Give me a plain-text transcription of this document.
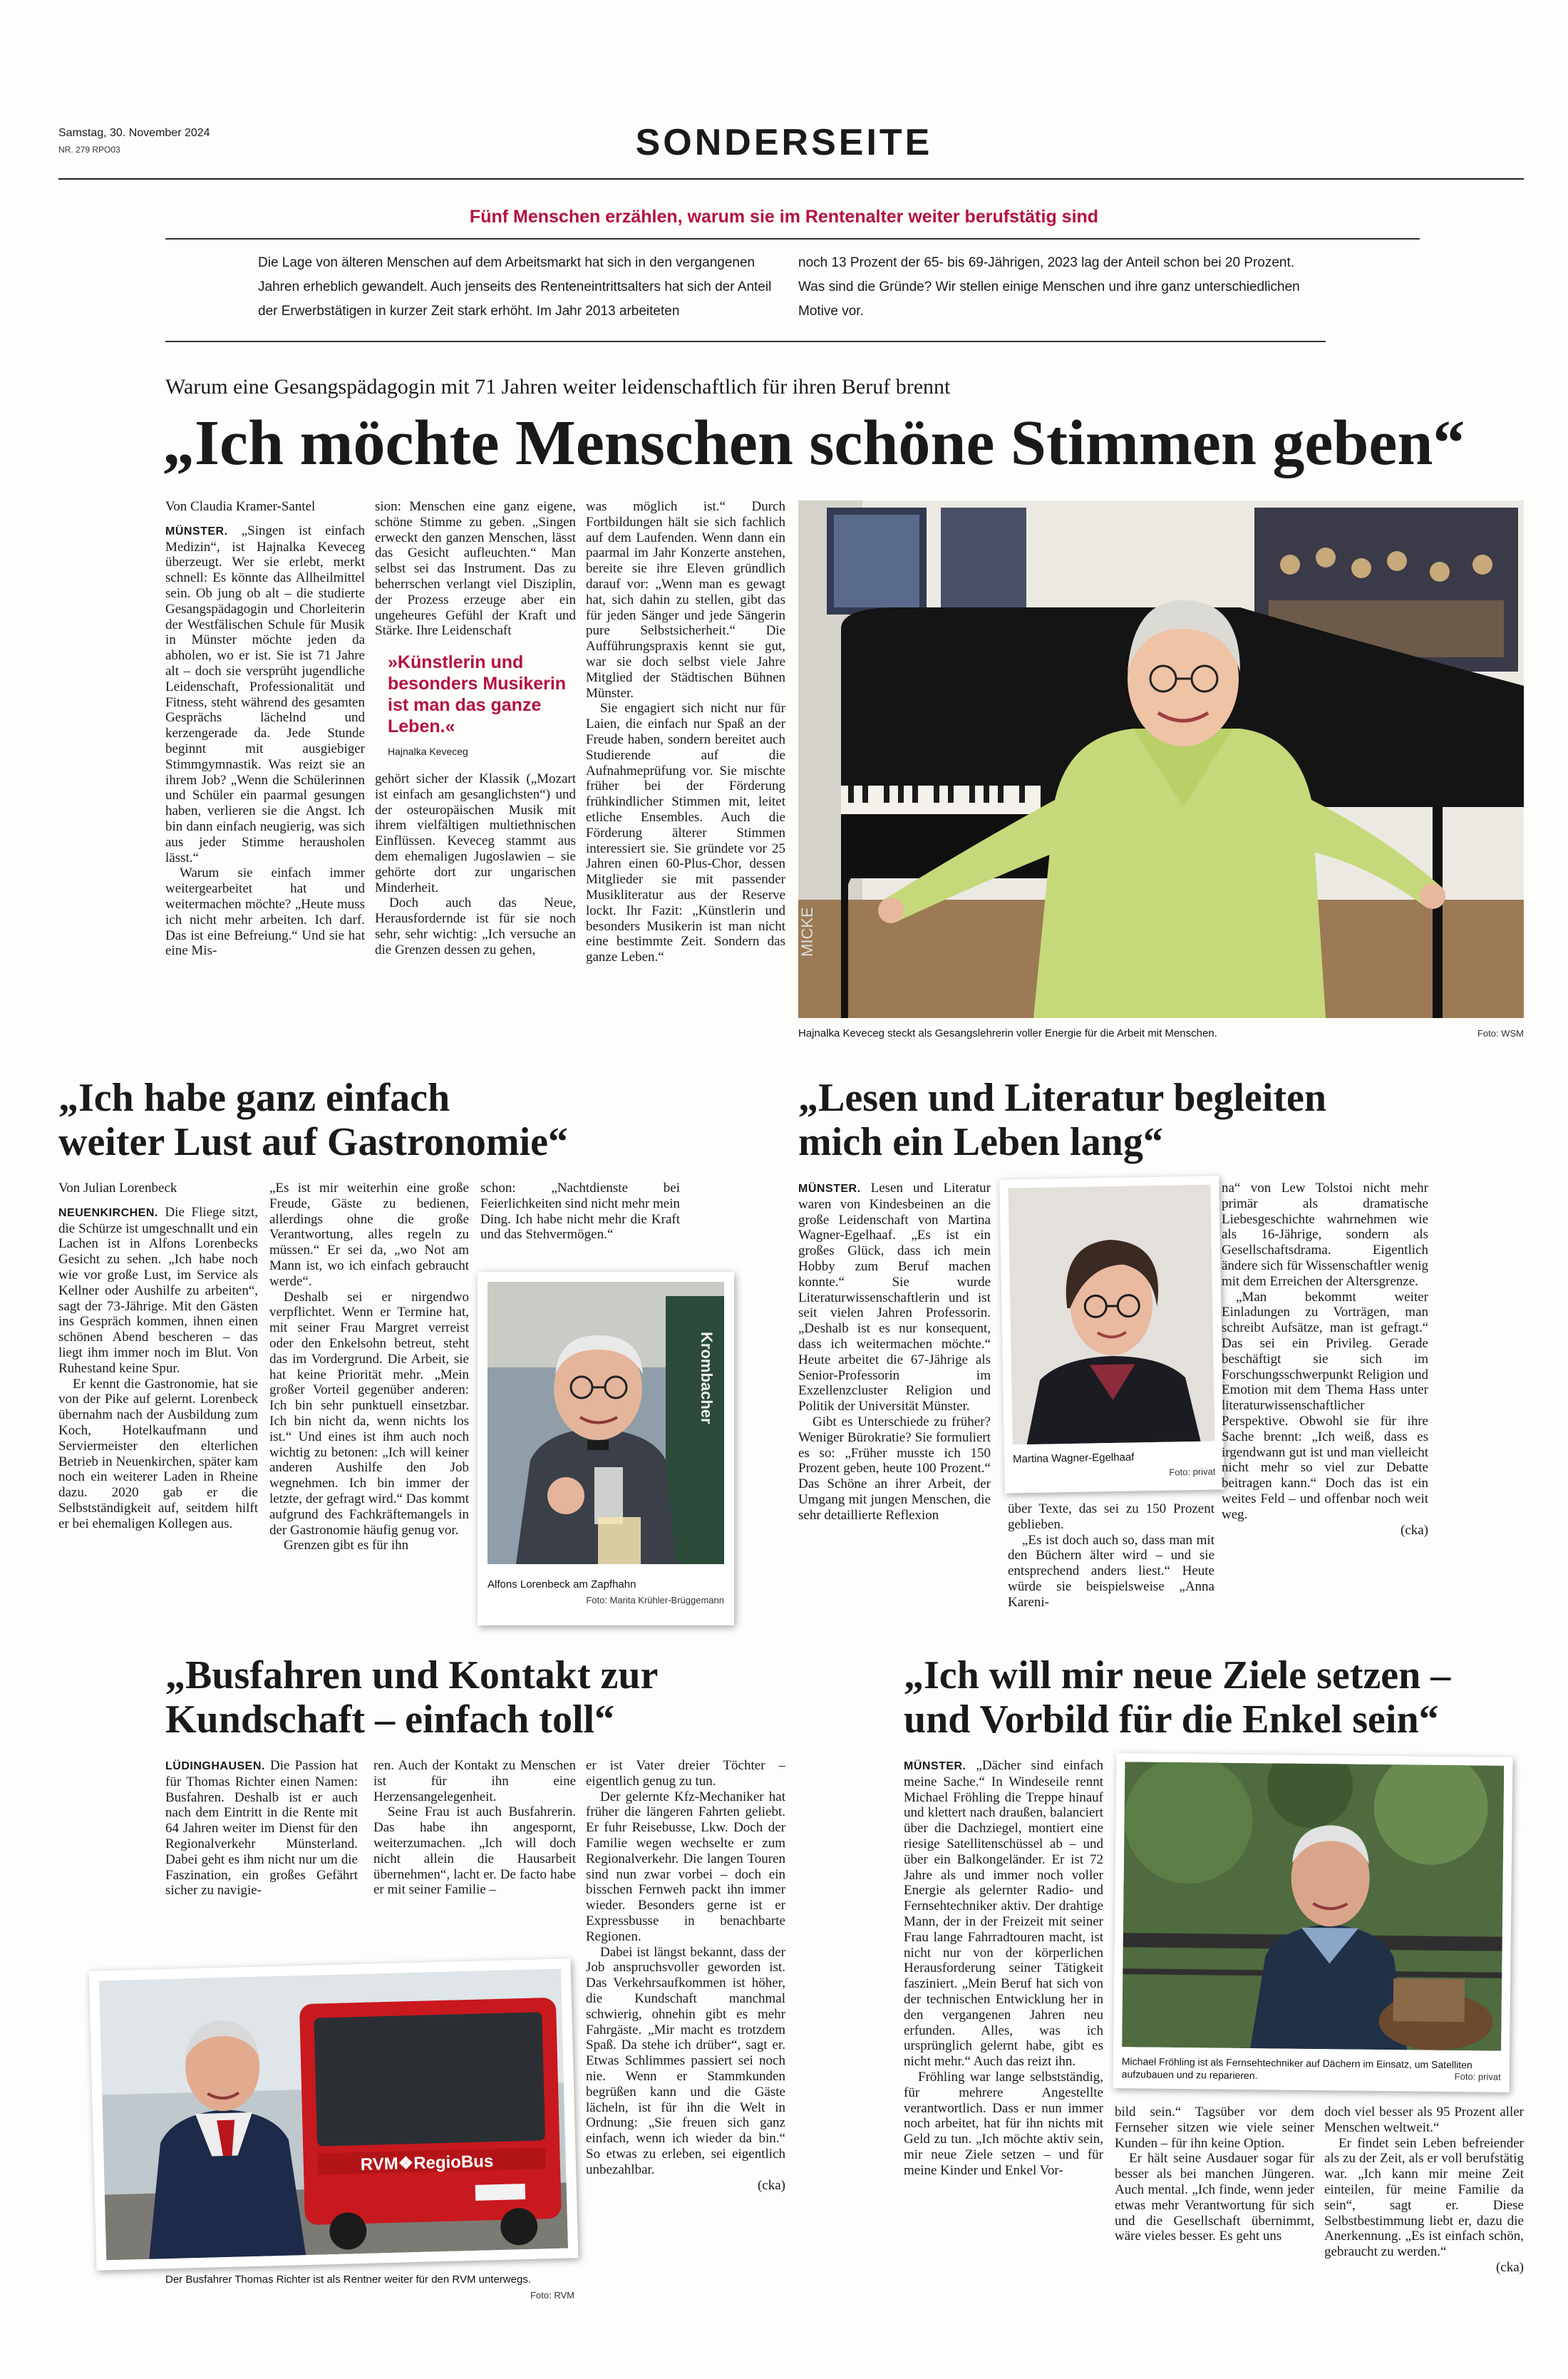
Samstag, 30. November 2024
NR. 279 RPO03	SONDERSEITE
Fünf Menschen erzählen, warum sie im Rentenalter weiter berufstätig sind
Die Lage von älteren Menschen auf dem Arbeitsmarkt hat sich in den vergangenen Jahren erheblich gewandelt. Auch jenseits des Renteneintrittsalters hat sich der Anteil der Erwerbstätigen in kurzer Zeit stark erhöht. Im Jahr 2013 arbeiteten
noch 13 Prozent der 65- bis 69-Jährigen, 2023 lag der Anteil schon bei 20 Prozent. Was sind die Gründe? Wir stellen einige Menschen und ihre ganz unterschiedlichen Motive vor.
Warum eine Gesangspädagogin mit 71 Jahren weiter leidenschaftlich für ihren Beruf brennt
„Ich möchte Menschen schöne Stimmen geben“
Von Claudia Kramer-Santel

MÜNSTER. „Singen ist einfach Medizin“, ist Hajnalka Keveceg überzeugt. Wer sie erlebt, merkt schnell: Es könnte das Allheilmittel sein. Ob jung ob alt – die studierte Gesangspädagogin und Chorleiterin der Westfälischen Schule für Musik in Münster möchte jeden da abholen, wo er ist. Sie ist 71 Jahre alt – doch sie versprüht jugendliche Leidenschaft, Professionalität und Fitness, steht während des gesamten Gesprächs lächelnd und kerzengerade da. Jede Stunde beginnt mit ausgiebiger Stimmgymnastik. Was reizt sie an ihrem Job? „Wenn die Schülerinnen und Schüler ein paarmal gesungen haben, verlieren sie die Angst. Ich bin dann einfach neugierig, was sich aus jeder Stimme herausholen lässt.“

Warum sie einfach immer weitergearbeitet hat und weitermachen möchte? „Heute muss ich nicht mehr arbeiten. Ich darf. Das ist eine Befreiung.“ Und sie hat eine Mis-

sion: Menschen eine ganz eigene, schöne Stimme zu geben. „Singen erweckt den ganzen Menschen, lässt das Gesicht aufleuchten.“ Man selbst sei das Instrument. Das zu beherrschen verlangt viel Disziplin, der Prozess erzeuge aber ein ungeheures Gefühl der Kraft und Stärke. Ihre Leidenschaft

»Künstlerin und besonders Musikerin ist man das ganze Leben.«
Hajnalka Keveceg

gehört sicher der Klassik („Mozart ist einfach am gesanglichsten“) und der osteuropäischen Musik mit ihrem vielfältigen multiethnischen Einflüssen. Keveceg stammt aus dem ehemaligen Jugoslawien – sie gehörte dort zur ungarischen Minderheit.

Doch auch das Neue, Herausfordernde ist für sie noch sehr, sehr wichtig: „Ich versuche an die Grenzen dessen zu gehen,

was möglich ist.“ Durch Fortbildungen hält sie sich fachlich auf dem Laufenden. Wenn dann ein paarmal im Jahr Konzerte anstehen, bereite sie ihre Eleven gründlich darauf vor: „Wenn man es gewagt hat, sich dahin zu stellen, gibt das für jeden Sänger und jede Sängerin pure Selbstsicherheit.“ Die Aufführungspraxis kennt sie gut, war sie doch selbst viele Jahre Mitglied der Städtischen Bühnen Münster.

Sie engagiert sich nicht nur für Laien, die einfach nur Spaß an der Freude haben, sondern bereitet auch Studierende auf die Aufnahmeprüfung vor. Sie mischte früher bei der Förderung frühkindlicher Stimmen mit, leitet etliche Ensembles. Auch die Förderung älterer Stimmen interessiert sie. Sie gründete vor 25 Jahren einen 60-Plus-Chor, dessen Mitglieder sie mit passender Musikliteratur aus der Reserve lockt. Ihr Fazit: „Künstlerin und besonders Musikerin ist man nicht eine bestimmte Zeit. Sondern das ganze Leben.“

MICKE
Hajnalka Keveceg steckt als Gesangslehrerin voller Energie für die Arbeit mit Menschen.	Foto: WSM
„Ich habe ganz einfach
weiter Lust auf Gastronomie“
Von Julian Lorenbeck

NEUENKIRCHEN. Die Fliege sitzt, die Schürze ist umgeschnallt und ein Lachen ist in Alfons Lorenbecks Gesicht zu sehen. „Ich habe noch wie vor große Lust, im Service als Kellner oder Aushilfe zu arbeiten“, sagt der 73-Jährige. Mit den Gästen ins Gespräch kommen, ihnen einen schönen Abend bescheren – das liegt ihm immer noch im Blut. Von Ruhestand keine Spur.

Er kennt die Gastronomie, hat sie von der Pike auf gelernt. Lorenbeck übernahm nach der Ausbildung zum Koch, Hotelkaufmann und Serviermeister den elterlichen Betrieb in Neuenkirchen, später kam noch ein weiterer Laden in Rheine dazu. 2020 gab er die Selbstständigkeit auf, seitdem hilft er bei ehemaligen Kollegen aus.

„Es ist mir weiterhin eine große Freude, Gäste zu bedienen, allerdings ohne die große Verantwortung, alles regeln zu müssen.“ Er sei da, „wo Not am Mann ist, wo ich einfach gebraucht werde“.

Deshalb sei er nirgendwo verpflichtet. Wenn er Termine hat, mit seiner Frau Margret verreist oder den Enkelsohn betreut, steht das im Vordergrund. Die Arbeit, sie hat keine Priorität mehr. „Mein großer Vorteil gegenüber anderen: Ich bin sehr punktuell einsetzbar. Ich bin nicht da, wenn nichts los ist.“ Und eines ist ihm auch noch wichtig zu betonen: „Ich will keiner anderen Aushilfe den Job wegnehmen. Ich bin immer der letzte, der gefragt wird.“ Das kommt aufgrund des Fachkräftemangels in der Gastronomie häufig genug vor.

Grenzen gibt es für ihn

schon: „Nachtdienste bei Feierlichkeiten sind nicht mehr mein Ding. Ich habe nicht mehr die Kraft und das Stehvermögen.“

Krombacher
Alfons Lorenbeck am Zapfhahn
Foto: Marita Krühler-Brüggemann
„Lesen und Literatur begleiten
mich ein Leben lang“

MÜNSTER. Lesen und Literatur waren von Kindesbeinen an die große Leidenschaft von Martina Wagner-Egelhaaf. „Es ist ein großes Glück, dass ich mein Hobby zum Beruf machen konnte.“ Sie wurde Literaturwissenschaftlerin und ist seit vielen Jahren Professorin. „Deshalb ist es nur konsequent, dass ich weitermachen möchte.“ Heute arbeitet die 67-Jährige als Senior-Professorin im Exzellenzcluster Religion und Politik der Universität Münster.

Gibt es Unterschiede zu früher? Weniger Bürokratie? Sie formuliert es so: „Früher musste ich 150 Prozent geben, heute 100 Prozent.“ Das Schöne an ihrer Arbeit, der Umgang mit jungen Menschen, die sehr detaillierte Reflexion

Martina Wagner-Egelhaaf
Foto: privat

über Texte, das sei zu 150 Prozent geblieben.

„Es ist doch auch so, dass man mit den Büchern älter wird – und sie entsprechend anders liest.“ Heute würde sie beispielsweise „Anna Kareni-

na“ von Lew Tolstoi nicht mehr primär als dramatische Liebesgeschichte wahrnehmen wie als 16-Jährige, sondern als Gesellschaftsdrama. Eigentlich ändere sich für Wissenschaftler wenig mit dem Erreichen der Altersgrenze.

„Man bekommt weiter Einladungen zu Vorträgen, man schreibt Aufsätze, man ist gefragt.“ Das sei ein Privileg. Gerade beschäftigt sie sich im Forschungsschwerpunkt Religion und Emotion mit dem Thema Hass unter literaturwissenschaftlicher Perspektive. Obwohl sie für ihre Sache brennt: „Ich weiß, dass es irgendwann gut ist und man vielleicht nicht mehr so viel zur Debatte beitragen kann.“ Doch das ist ein weites Feld – und offenbar noch weit weg.

(cka)

„Busfahren und Kontakt zur
Kundschaft – einfach toll“

LÜDINGHAUSEN. Die Passion hat für Thomas Richter einen Namen: Busfahren. Deshalb ist er auch nach dem Eintritt in die Rente mit 64 Jahren weiter im Dienst für den Regionalverkehr Münsterland. Dabei geht es ihm nicht nur um die Faszination, ein großes Gefährt sicher zu navigie-

ren. Auch der Kontakt zu Menschen ist für ihn eine Herzensangelegenheit.

Seine Frau ist auch Busfahrerin. Das habe ihn angespornt, weiterzumachen. „Ich will doch nicht allein die Hausarbeit übernehmen“, lacht er. De facto habe er mit seiner Familie –

er ist Vater dreier Töchter – eigentlich genug zu tun.

Der gelernte Kfz-Mechaniker hat früher die längeren Fahrten geliebt. Er fuhr Reisebusse, Lkw. Doch der Familie wegen wechselte er zum Regionalverkehr. Die langen Touren sind nun zwar vorbei – doch ein bisschen Fernweh packt ihn immer wieder. Besonders gerne ist er Expressbusse in benachbarte Regionen.

Dabei ist längst bekannt, dass der Job anspruchsvoller geworden ist. Das Verkehrsaufkommen ist höher, die Kundschaft manchmal schwierig, ohnehin gibt es mehr Fahrgäste. „Mir macht es trotzdem Spaß. Da stehe ich drüber“, sagt er. Etwas Schlimmes passiert sei noch nie. Wenn er Stammkunden begrüßen kann und die Gäste lächeln, ist für ihn die Welt in Ordnung: „Sie freuen sich ganz einfach, wenn ich wieder da bin.“ So etwas zu erleben, sei eigentlich unbezahlbar.

(cka)

RVM❖RegioBus
Der Busfahrer Thomas Richter ist als Rentner weiter für den RVM unterwegs.
Foto: RVM
„Ich will mir neue Ziele setzen –
und Vorbild für die Enkel sein“

MÜNSTER. „Dächer sind einfach meine Sache.“ In Windeseile rennt Michael Fröhling die Treppe hinauf und klettert nach draußen, balanciert über die Dachziegel, montiert eine riesige Satellitenschüssel ab – und über ein Balkongeländer. Er ist 72 Jahre als und immer noch voller Energie als gelernter Radio- und Fernsehtechniker aktiv. Der drahtige Mann, der in der Freizeit mit seiner Frau lange Fahrradtouren macht, ist nicht nur von der körperlichen Herausforderung seiner Tätigkeit fasziniert. „Mein Beruf hat sich von der technischen Entwicklung her in den vergangenen Jahren neu erfunden. Alles, was ich ursprünglich gelernt habe, gibt es nicht mehr.“ Auch das reizt ihn.

Fröhling war lange selbstständig, für mehrere Angestellte verantwortlich. Dass er nun immer noch arbeitet, hat für ihn nichts mit Geld zu tun. „Ich möchte aktiv sein, mir neue Ziele setzen – und für meine Kinder und Enkel Vor-

Michael Fröhling ist als Fernsehtechniker auf Dächern im Einsatz, um Satelliten aufzubauen und zu reparieren.	Foto: privat

bild sein.“ Tagsüber vor dem Fernseher sitzen wie viele seiner Kunden – für ihn keine Option.

Er hält seine Ausdauer sogar für besser als bei manchen Jüngeren. Auch mental. „Ich finde, wenn jeder etwas mehr Verantwortung für sich und die Gesellschaft übernimmt, wäre vieles besser. Es geht uns

doch viel besser als 95 Prozent aller Menschen weltweit.“

Er findet sein Leben befreiender als zu der Zeit, als er voll berufstätig war. „Ich kann mir meine Zeit einteilen, für meine Familie da sein“, sagt er. Diese Selbstbestimmung liebt er, dazu die Anerkennung. „Es ist einfach schön, gebraucht zu werden.“

(cka)
